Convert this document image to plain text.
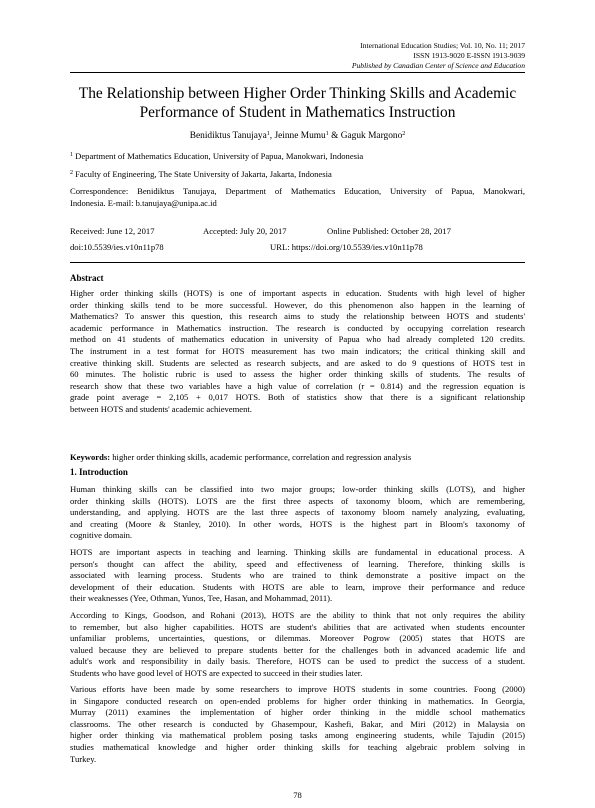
International Education Studies; Vol. 10, No. 11; 2017
ISSN 1913-9020 E-ISSN 1913-9039
Published by Canadian Center of Science and Education
The Relationship between Higher Order Thinking Skills and Academic
Performance of Student in Mathematics Instruction
Benidiktus Tanujaya$^1$, Jeinne Mumu$^1$ & Gaguk Margono$^2$
$^1$ Department of Mathematics Education, University of Papua, Manokwari, Indonesia
$^2$ Faculty of Engineering, The State University of Jakarta, Jakarta, Indonesia
Correspondence: Benidiktus Tanujaya, Department of Mathematics Education, University of Papua, Manokwari,
Indonesia. E-mail: b.tanujaya@unipa.ac.id
Received: June 12, 2017	Accepted: July 20, 2017	Online Published: October 28, 2017
doi:10.5539/ies.v10n11p78	URL: https://doi.org/10.5539/ies.v10n11p78
Abstract
Higher order thinking skills (HOTS) is one of important aspects in education. Students with high level of higher
order thinking skills tend to be more successful. However, do this phenomenon also happen in the learning of
Mathematics? To answer this question, this research aims to study the relationship between HOTS and students'
academic performance in Mathematics instruction. The research is conducted by occupying correlation research
method on 41 students of mathematics education in university of Papua who had already completed 120 credits.
The instrument in a test format for HOTS measurement has two main indicators; the critical thinking skill and
creative thinking skill. Students are selected as research subjects, and are asked to do 9 questions of HOTS test in
60 minutes. The holistic rubric is used to assess the higher order thinking skills of students. The results of
research show that these two variables have a high value of correlation (r = 0.814) and the regression equation is
grade point average = 2,105 + 0,017 HOTS. Both of statistics show that there is a significant relationship
between HOTS and students' academic achievement.
Keywords: higher order thinking skills, academic performance, correlation and regression analysis
1. Introduction
Human thinking skills can be classified into two major groups; low-order thinking skills (LOTS), and higher
order thinking skills (HOTS). LOTS are the first three aspects of taxonomy bloom, which are remembering,
understanding, and applying. HOTS are the last three aspects of taxonomy bloom namely analyzing, evaluating,
and creating (Moore & Stanley, 2010). In other words, HOTS is the highest part in Bloom's taxonomy of
cognitive domain.
HOTS are important aspects in teaching and learning. Thinking skills are fundamental in educational process. A
person's thought can affect the ability, speed and effectiveness of learning. Therefore, thinking skills is
associated with learning process. Students who are trained to think demonstrate a positive impact on the
development of their education. Students with HOTS are able to learn, improve their performance and reduce
their weaknesses (Yee, Othman, Yunos, Tee, Hasan, and Mohammad, 2011).
According to Kings, Goodson, and Rohani (2013), HOTS are the ability to think that not only requires the ability
to remember, but also higher capabilities. HOTS are student's abilities that are activated when students encounter
unfamiliar problems, uncertainties, questions, or dilemmas. Moreover Pogrow (2005) states that HOTS are
valued because they are believed to prepare students better for the challenges both in advanced academic life and
adult's work and responsibility in daily basis. Therefore, HOTS can be used to predict the success of a student.
Students who have good level of HOTS are expected to succeed in their studies later.
Various efforts have been made by some researchers to improve HOTS students in some countries. Foong (2000)
in Singapore conducted research on open-ended problems for higher order thinking in mathematics. In Georgia,
Murray (2011) examines the implementation of higher order thinking in the middle school mathematics
classrooms. The other research is conducted by Ghasempour, Kashefi, Bakar, and Miri (2012) in Malaysia on
higher order thinking via mathematical problem posing tasks among engineering students, while Tajudin (2015)
studies mathematical knowledge and higher order thinking skills for teaching algebraic problem solving in
Turkey.
78
